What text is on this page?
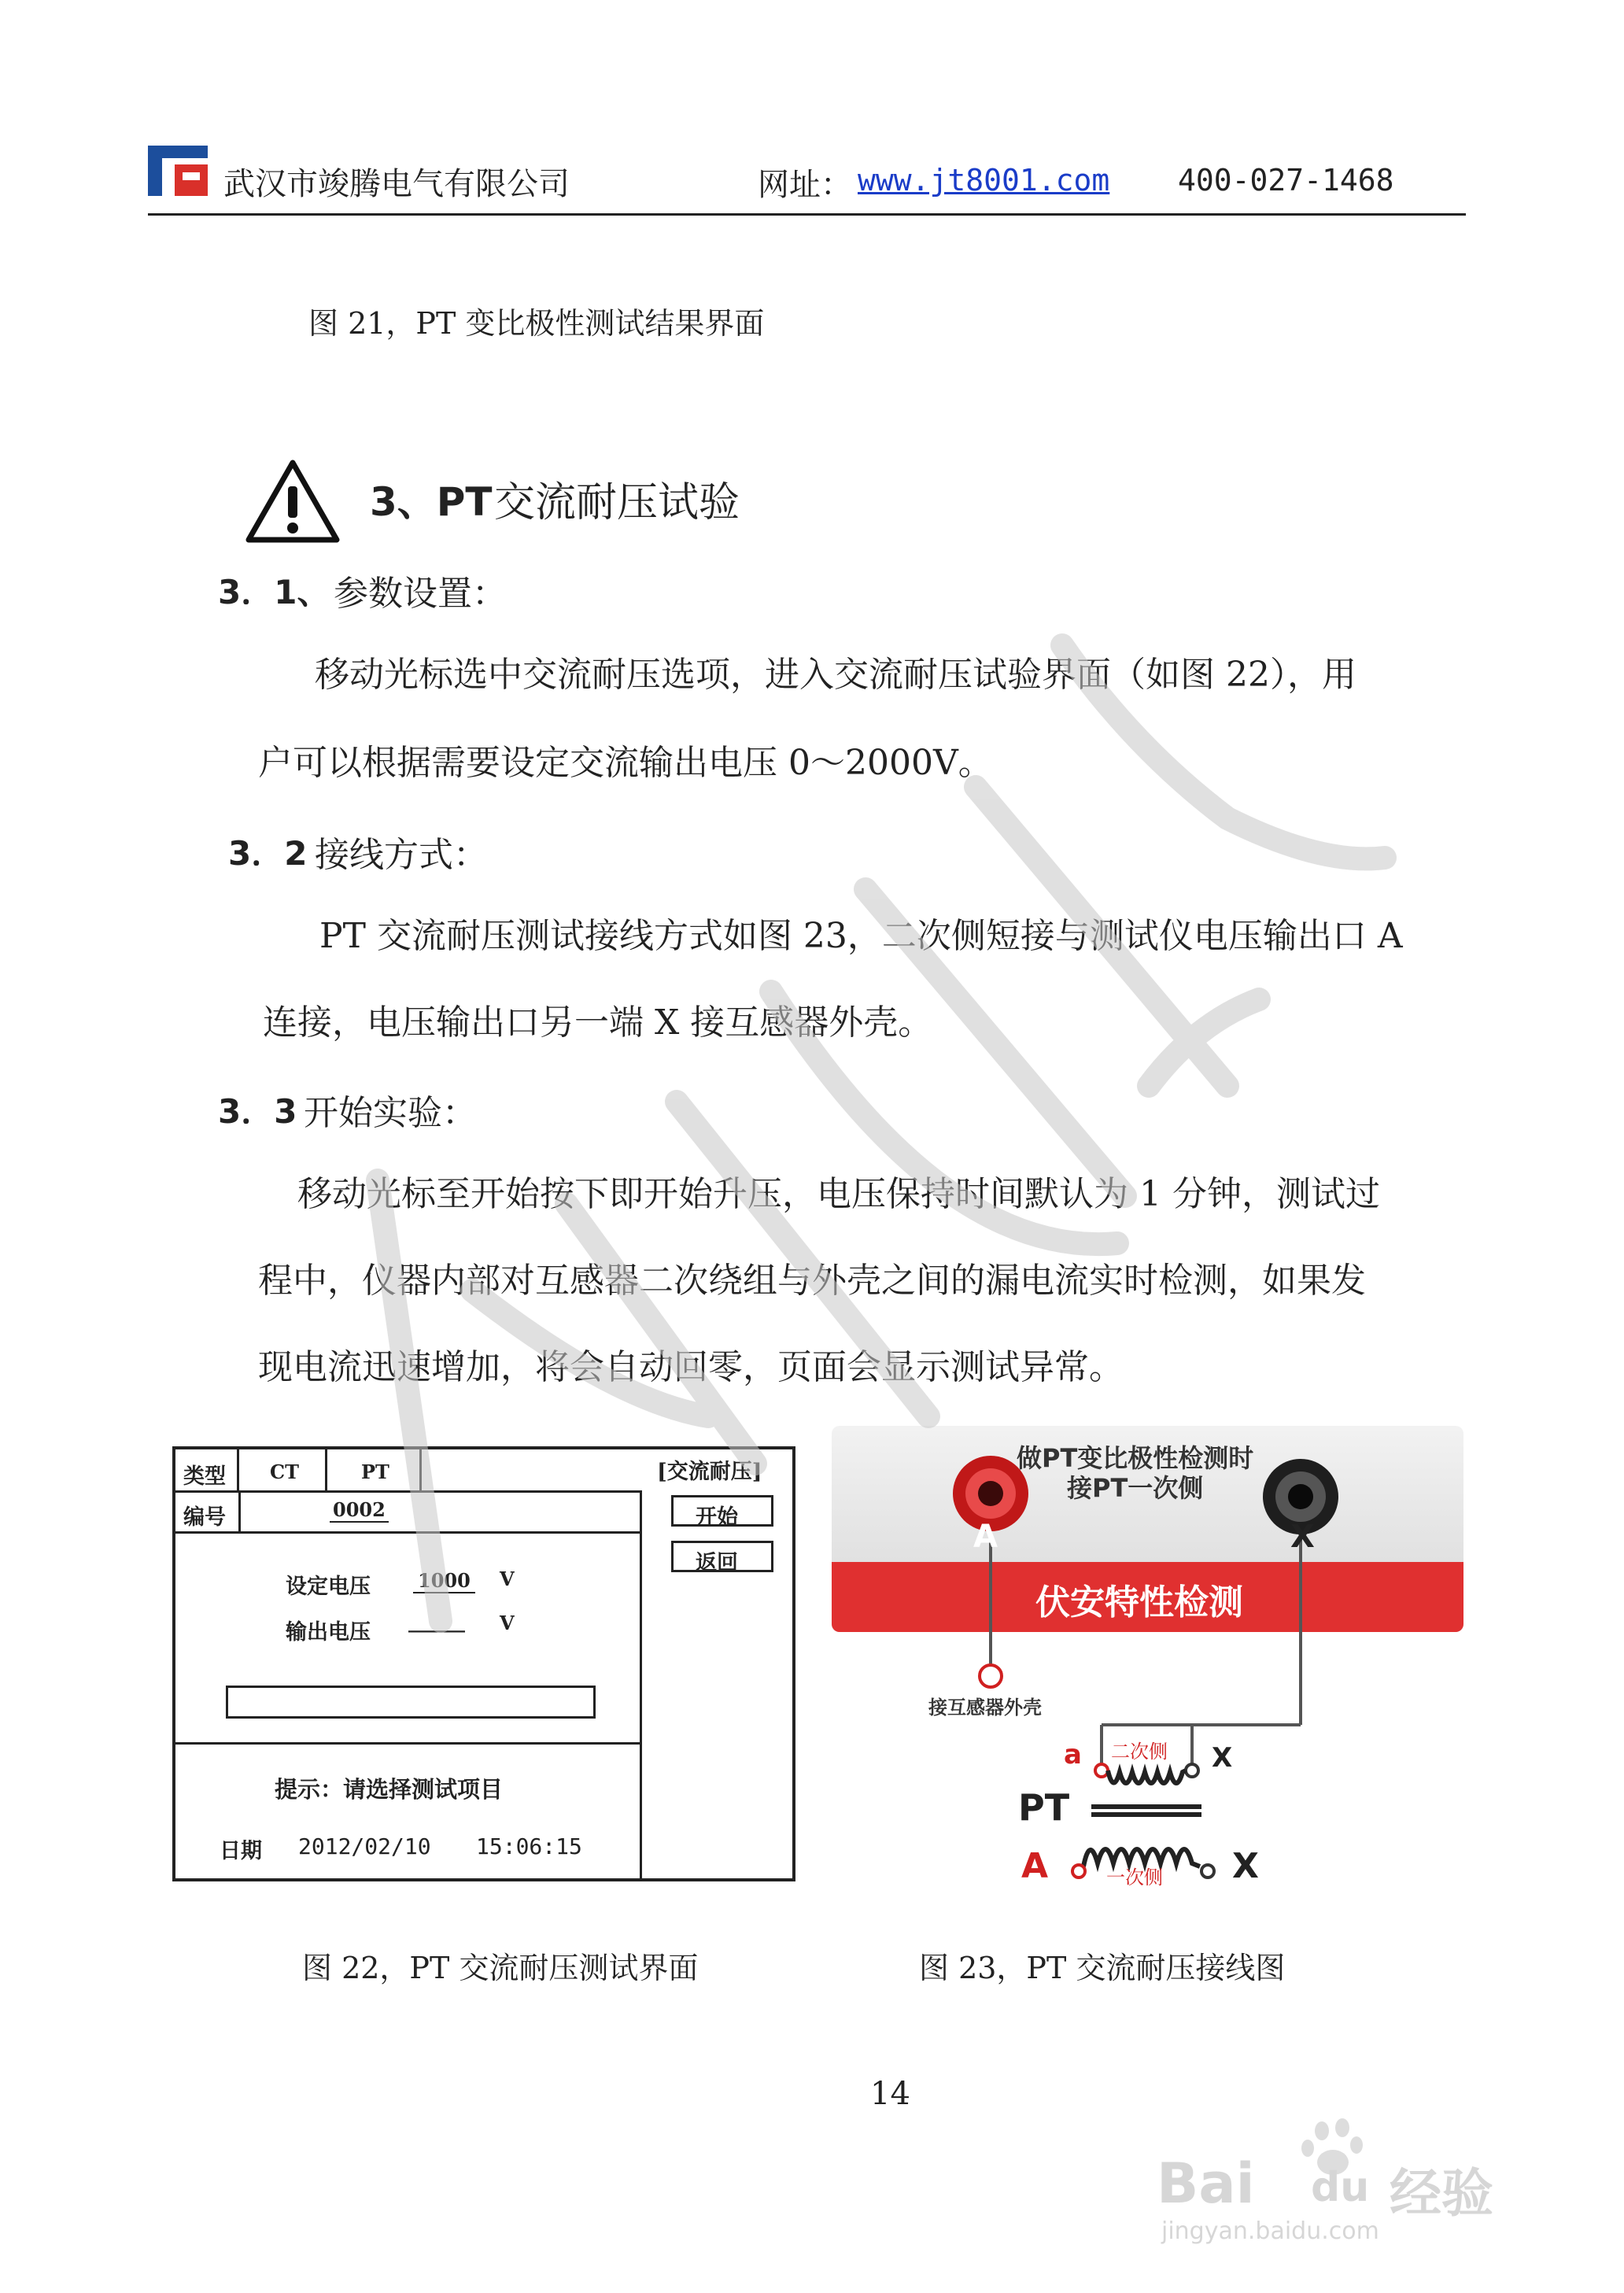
武汉市竣腾电气有限公司	网址： www.jt8001.com 400-027-1468
图 21，PT 变比极性测试结果界面
3、PT 交流耐压试验
3．1、 参数设置：
移动光标选中交流耐压选项，进入交流耐压试验界面（如图 22），用
户可以根据需要设定交流输出电压 0～2000V。
3．2 接线方式：
PT 交流耐压测试接线方式如图 23，二次侧短接与测试仪电压输出口 A
连接，电压输出口另一端 X 接互感器外壳。
3．3 开始实验：
移动光标至开始按下即开始升压，电压保持时间默认为 1 分钟，测试过
程中，仪器内部对互感器二次绕组与外壳之间的漏电流实时检测，如果发
现电流迅速增加，将会自动回零，页面会显示测试异常。
类型 CT	PT	[交流耐压]
编号	0002	开始
返回
设定电压	1000 V
输出电压 ______ V
提示：请选择测试项目
日期 2012/02/10 15:06:15
做PT变比极性检测时
接PT一次侧
伏安特性检测
A	X
接互感器外壳
a 二次侧 X
PT
A	一次侧 X
图 22，PT 交流耐压测试界面	图 23，PT 交流耐压接线图
14
Bai du 经验
jingyan.baidu.com
